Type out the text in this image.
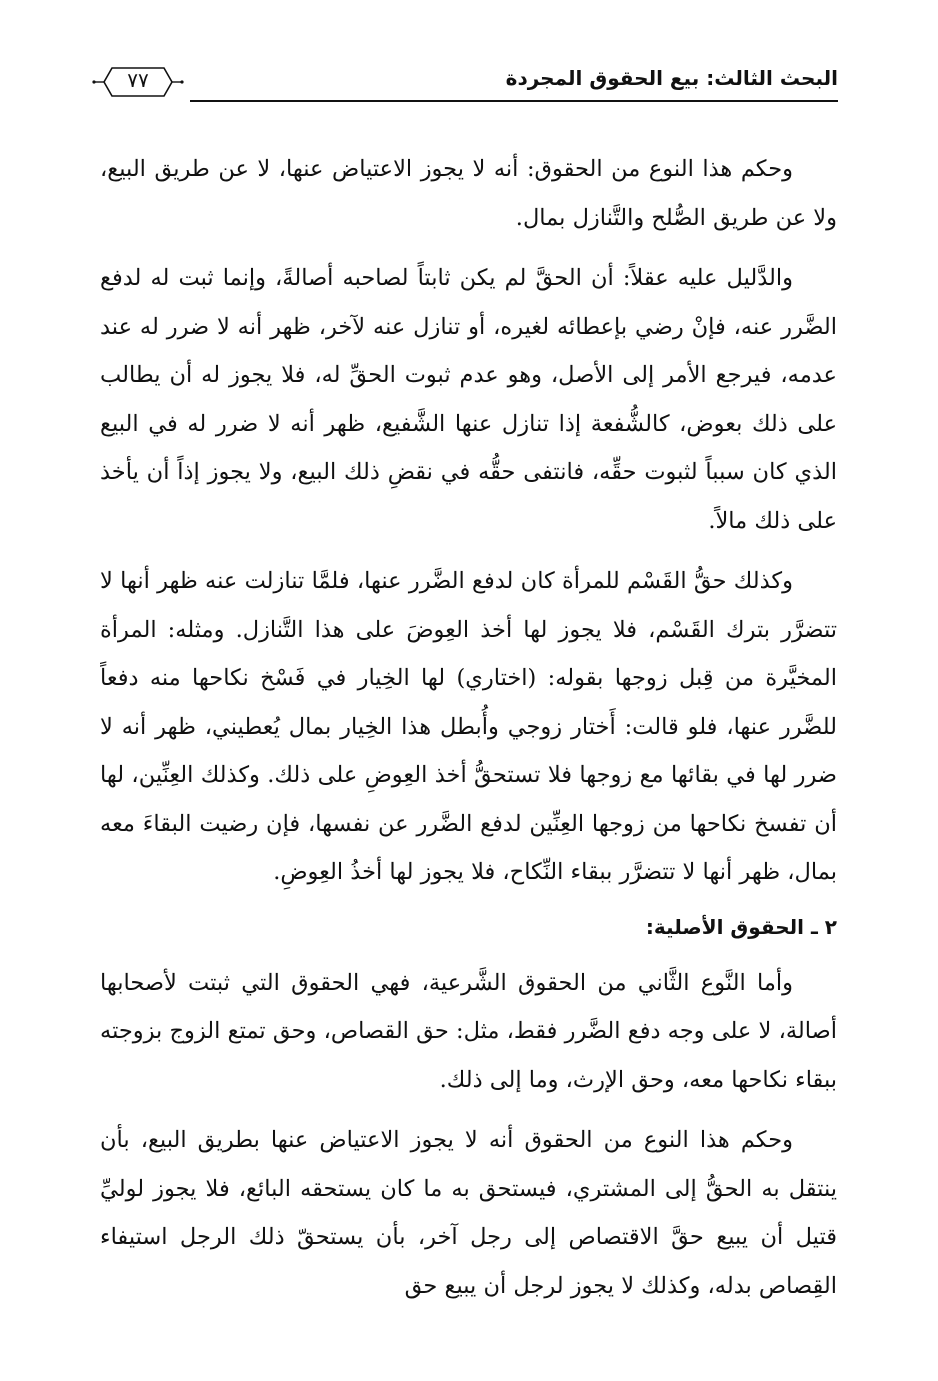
٧٧	البحث الثالث: بيع الحقوق المجردة

وحكم هذا النوع من الحقوق: أنه لا يجوز الاعتياض عنها، لا عن طريق البيع، ولا عن طريق الصُّلح والتَّنازل بمال.

والدَّليل عليه عقلاً: أن الحقَّ لم يكن ثابتاً لصاحبه أصالةً، وإنما ثبت له لدفع الضَّرر عنه، فإنْ رضي بإعطائه لغيره، أو تنازل عنه لآخر، ظهر أنه لا ضرر له عند عدمه، فيرجع الأمر إلى الأصل، وهو عدم ثبوت الحقِّ له، فلا يجوز له أن يطالب على ذلك بعوض، كالشُّفعة إذا تنازل عنها الشَّفيع، ظهر أنه لا ضرر له في البيع الذي كان سبباً لثبوت حقِّه، فانتفى حقُّه في نقضِ ذلك البيع، ولا يجوز إذاً أن يأخذ على ذلك مالاً.

وكذلك حقُّ القَسْم للمرأة كان لدفع الضَّرر عنها، فلمَّا تنازلت عنه ظهر أنها لا تتضرَّر بترك القَسْم، فلا يجوز لها أخذ العِوضَ على هذا التَّنازل. ومثله: المرأة المخيَّرة من قِبل زوجها بقوله: (اختاري) لها الخِيار في فَسْخ نكاحها منه دفعاً للضَّرر عنها، فلو قالت: أَختار زوجي وأُبطل هذا الخِيار بمال يُعطيني، ظهر أنه لا ضرر لها في بقائها مع زوجها فلا تستحقُّ أخذ العِوضِ على ذلك. وكذلك العِنِّين، لها أن تفسخ نكاحها من زوجها العِنِّين لدفع الضَّرر عن نفسها، فإن رضيت البقاءَ معه بمال، ظهر أنها لا تتضرَّر ببقاء النِّكاح، فلا يجوز لها أخذُ العِوضِ.

٢ ـ الحقوق الأصلية:

وأما النَّوع الثَّاني من الحقوق الشَّرعية، فهي الحقوق التي ثبتت لأصحابها أصالة، لا على وجه دفع الضَّرر فقط، مثل: حق القصاص، وحق تمتع الزوج بزوجته ببقاء نكاحها معه، وحق الإرث، وما إلى ذلك.

وحكم هذا النوع من الحقوق أنه لا يجوز الاعتياض عنها بطريق البيع، بأن ينتقل به الحقُّ إلى المشتري، فيستحق به ما كان يستحقه البائع، فلا يجوز لوليِّ قتيل أن يبيع حقَّ الاقتصاص إلى رجل آخر، بأن يستحقّ ذلك الرجل استيفاء القِصاص بدله، وكذلك لا يجوز لرجل أن يبيع حق
